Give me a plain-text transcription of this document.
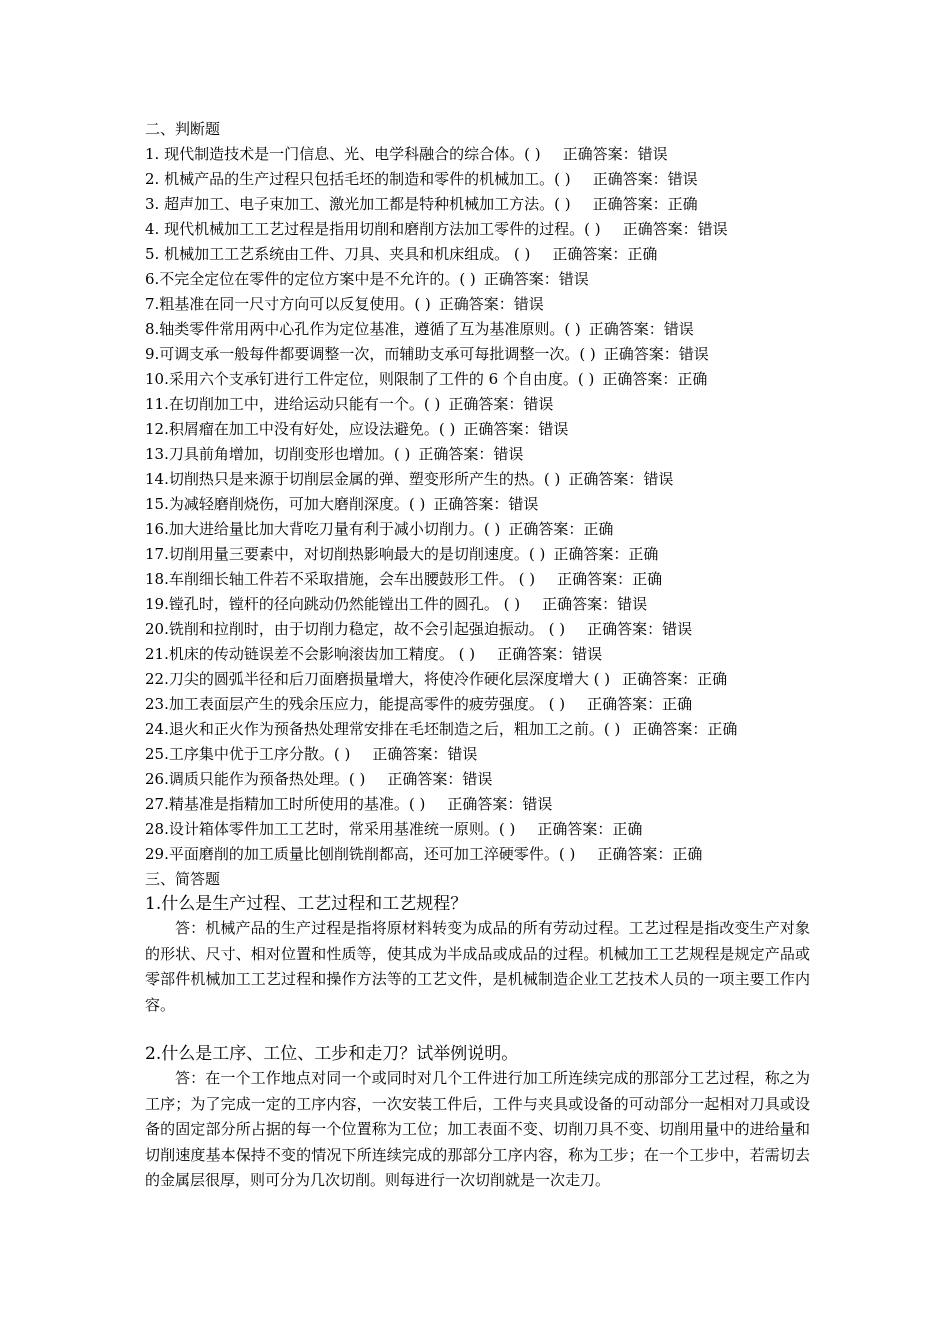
二、判断题
1. 现代制造技术是一门信息、光、电学科融合的综合体。( ) 正确答案：错误
2. 机械产品的生产过程只包括毛坯的制造和零件的机械加工。( ) 正确答案：错误
3. 超声加工、电子束加工、激光加工都是特种机械加工方法。( ) 正确答案：正确
4. 现代机械加工工艺过程是指用切削和磨削方法加工零件的过程。( ) 正确答案：错误
5. 机械加工工艺系统由工件、刀具、夹具和机床组成。 ( ) 正确答案：正确
6.不完全定位在零件的定位方案中是不允许的。( ) 正确答案：错误
7.粗基准在同一尺寸方向可以反复使用。( ) 正确答案：错误
8.轴类零件常用两中心孔作为定位基准，遵循了互为基准原则。( ) 正确答案：错误
9.可调支承一般每件都要调整一次，而辅助支承可每批调整一次。( ) 正确答案：错误
10.采用六个支承钉进行工件定位，则限制了工件的 6 个自由度。( ) 正确答案：正确
11.在切削加工中，进给运动只能有一个。( ) 正确答案：错误
12.积屑瘤在加工中没有好处，应设法避免。( ) 正确答案：错误
13.刀具前角增加，切削变形也增加。( ) 正确答案：错误
14.切削热只是来源于切削层金属的弹、塑变形所产生的热。( ) 正确答案：错误
15.为减轻磨削烧伤，可加大磨削深度。( ) 正确答案：错误
16.加大进给量比加大背吃刀量有利于减小切削力。( ) 正确答案：正确
17.切削用量三要素中，对切削热影响最大的是切削速度。( ) 正确答案：正确
18.车削细长轴工件若不采取措施，会车出腰鼓形工件。 ( ) 正确答案：正确
19.镗孔时，镗杆的径向跳动仍然能镗出工件的圆孔。 ( ) 正确答案：错误
20.铣削和拉削时，由于切削力稳定，故不会引起强迫振动。 ( ) 正确答案：错误
21.机床的传动链误差不会影响滚齿加工精度。 ( ) 正确答案：错误
22.刀尖的圆弧半径和后刀面磨损量增大，将使冷作硬化层深度增大 ( ) 正确答案：正确
23.加工表面层产生的残余压应力，能提高零件的疲劳强度。 ( ) 正确答案：正确
24.退火和正火作为预备热处理常安排在毛坯制造之后，粗加工之前。( ) 正确答案：正确
25.工序集中优于工序分散。( ) 正确答案：错误
26.调质只能作为预备热处理。( ) 正确答案：错误
27.精基准是指精加工时所使用的基准。( ) 正确答案：错误
28.设计箱体零件加工工艺时，常采用基准统一原则。( ) 正确答案：正确
29.平面磨削的加工质量比刨削铣削都高，还可加工淬硬零件。( ) 正确答案：正确
三、简答题
1.什么是生产过程、工艺过程和工艺规程？

答：机械产品的生产过程是指将原材料转变为成品的所有劳动过程。工艺过程是指改变生产对象的形状、尺寸、相对位置和性质等，使其成为半成品或成品的过程。机械加工工艺规程是规定产品或零部件机械加工工艺过程和操作方法等的工艺文件，是机械制造企业工艺技术人员的一项主要工作内容。

2.什么是工序、工位、工步和走刀？试举例说明。

答：在一个工作地点对同一个或同时对几个工件进行加工所连续完成的那部分工艺过程，称之为工序；为了完成一定的工序内容，一次安装工件后，工件与夹具或设备的可动部分一起相对刀具或设备的固定部分所占据的每一个位置称为工位；加工表面不变、切削刀具不变、切削用量中的进给量和切削速度基本保持不变的情况下所连续完成的那部分工序内容，称为工步；在一个工步中，若需切去的金属层很厚，则可分为几次切削。则每进行一次切削就是一次走刀。
